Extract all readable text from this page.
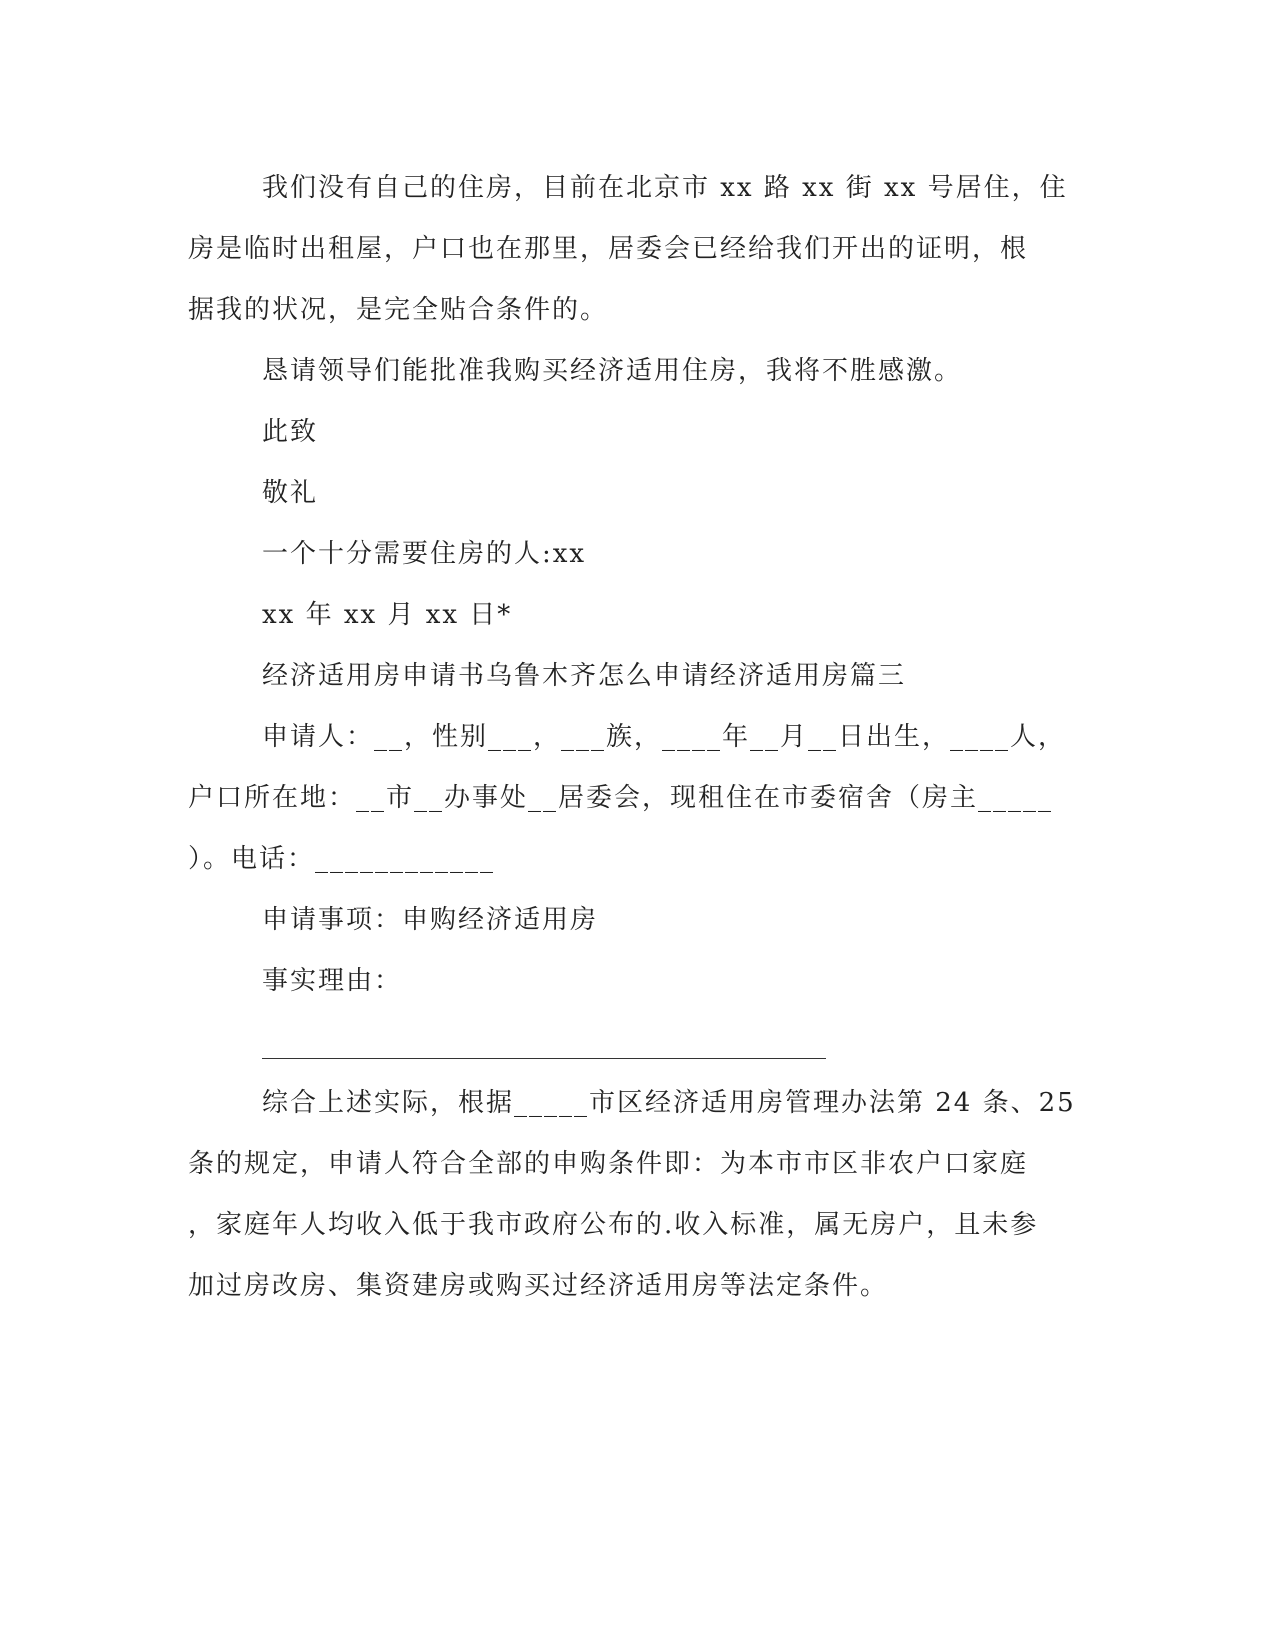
我们没有自己的住房，目前在北京市 xx 路 xx 街 xx 号居住，住

房是临时出租屋，户口也在那里，居委会已经给我们开出的证明，根

据我的状况，是完全贴合条件的。

恳请领导们能批准我购买经济适用住房，我将不胜感激。

此致

敬礼

一个十分需要住房的人:xx

xx 年 xx 月 xx 日*

经济适用房申请书乌鲁木齐怎么申请经济适用房篇三

申请人：__，性别___，___族，____年__月__日出生，____人，

户口所在地：__市__办事处__居委会，现租住在市委宿舍（房主_____

）。电话：____________

申请事项：申购经济适用房

事实理由：

综合上述实际，根据_____市区经济适用房管理办法第 24 条、25

条的规定，申请人符合全部的申购条件即：为本市市区非农户口家庭

，家庭年人均收入低于我市政府公布的.收入标准，属无房户，且未参

加过房改房、集资建房或购买过经济适用房等法定条件。
